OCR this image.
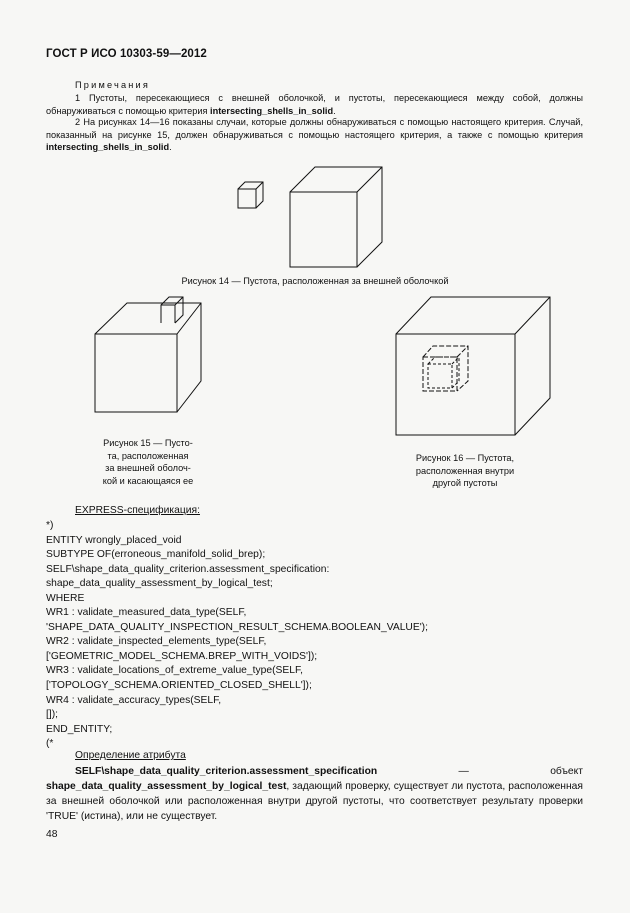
ГОСТ Р ИСО 10303-59—2012
Примечания
1 Пустоты, пересекающиеся с внешней оболочкой, и пустоты, пересекающиеся между собой, должны обнаруживаться с помощью критерия intersecting_shells_in_solid.
2 На рисунках 14—16 показаны случаи, которые должны обнаруживаться с помощью настоящего критерия. Случай, показанный на рисунке 15, должен обнаруживаться с помощью настоящего критерия, а также с помощью критерия intersecting_shells_in_solid.
Рисунок 14 — Пустота, расположенная за внешней оболочкой
Рисунок 15 — Пусто-
та, расположенная
за внешней оболоч-
кой и касающаяся ее
Рисунок 16 — Пустота,
расположенная внутри
другой пустоты
EXPRESS-спецификация:
*)
ENTITY wrongly_placed_void
SUBTYPE OF(erroneous_manifold_solid_brep);
SELF\shape_data_quality_criterion.assessment_specification:
shape_data_quality_assessment_by_logical_test;
WHERE
WR1 : validate_measured_data_type(SELF,
'SHAPE_DATA_QUALITY_INSPECTION_RESULT_SCHEMA.BOOLEAN_VALUE');
WR2 : validate_inspected_elements_type(SELF,
['GEOMETRIC_MODEL_SCHEMA.BREP_WITH_VOIDS']);
WR3 : validate_locations_of_extreme_value_type(SELF,
['TOPOLOGY_SCHEMA.ORIENTED_CLOSED_SHELL']);
WR4 : validate_accuracy_types(SELF,
[]);
END_ENTITY;
(*
Определение атрибута
SELF\shape_data_quality_criterion.assessment_specification — объект shape_data_quality_assessment_by_logical_test, задающий проверку, существует ли пустота, расположенная за внешней оболочкой или расположенная внутри другой пустоты, что соответствует результату проверки 'TRUE' (истина), или не существует.
48
